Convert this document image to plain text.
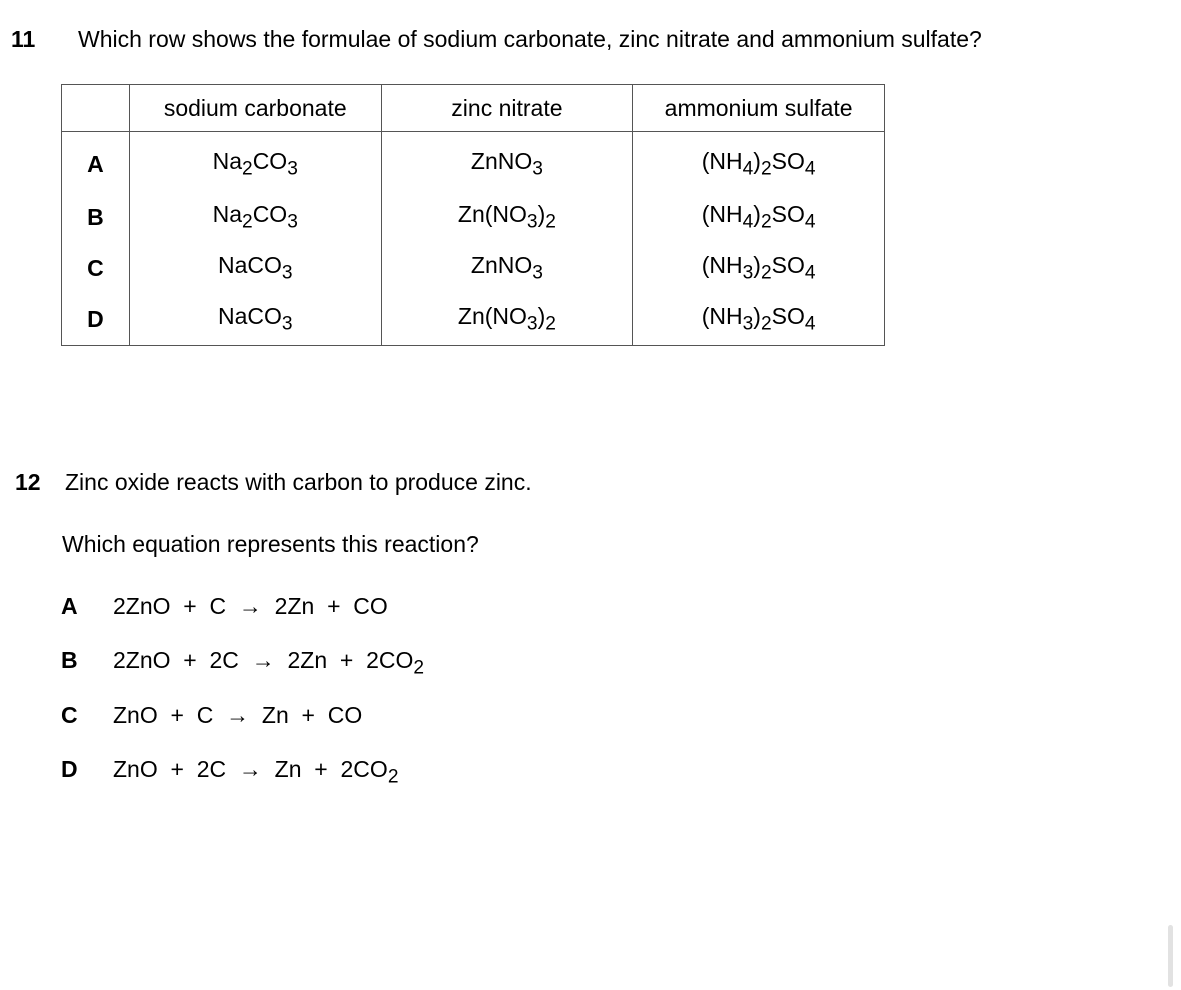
11 Which row shows the formulae of sodium carbonate, zinc nitrate and ammonium sulfate?
	sodium carbonate	zinc nitrate	ammonium sulfate
A	$Na_2CO_3$	ZnNO$_3$	$(NH_4)_2SO_4$
B	$Na_2CO_3$	$Zn(NO_3)_2$	$(NH_4)_2SO_4$
C	NaCO$_3$	ZnNO$_3$	$(NH_3)_2SO_4$
D	NaCO$_3$	$Zn(NO_3)_2$	$(NH_3)_2SO_4$
12 Zinc oxide reacts with carbon to produce zinc.
Which equation represents this reaction?
A 2ZnO  +  C  →  2Zn  +  CO
B $2ZnO + 2C \to 2Zn + 2CO_2$
C ZnO  +  C  →  Zn  +  CO
D ZnO  +  $2C \to Zn + 2CO_2$
